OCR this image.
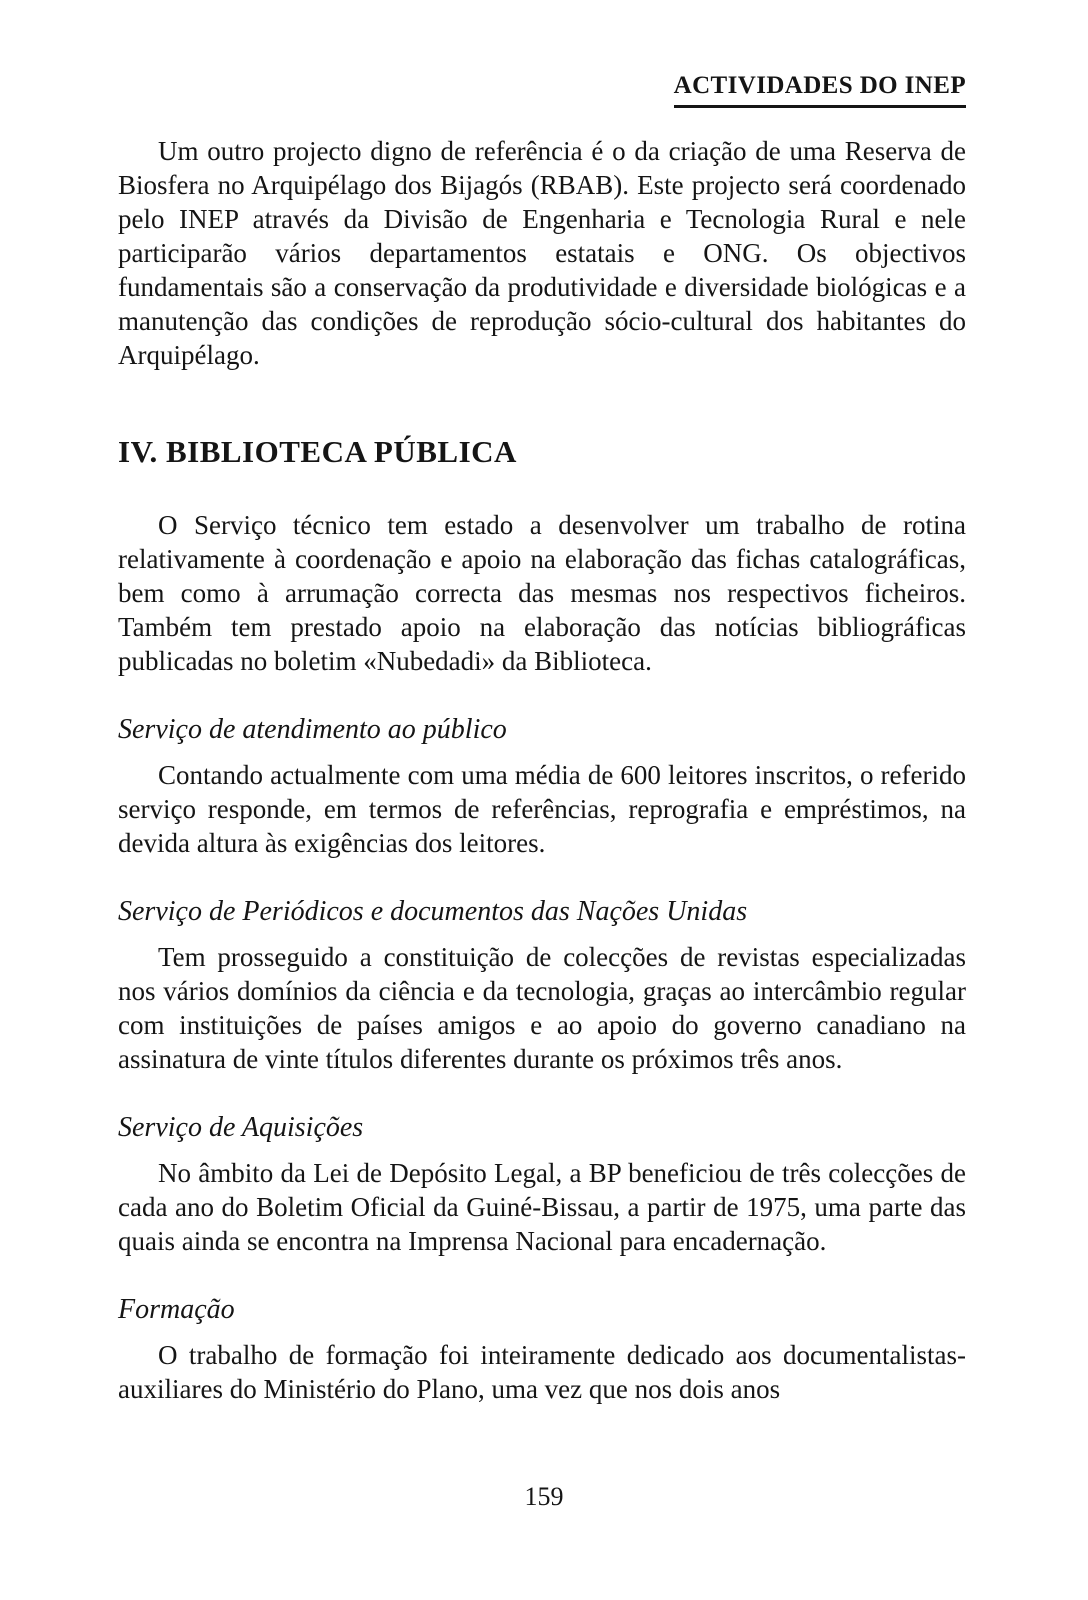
ACTIVIDADES DO INEP

Um outro projecto digno de referência é o da criação de uma Reserva de Biosfera no Arquipélago dos Bijagós (RBAB). Este projecto será coordenado pelo INEP através da Divisão de Engenharia e Tecnologia Rural e nele participarão vários departamentos estatais e ONG. Os objectivos fundamentais são a conservação da produtividade e diversidade biológicas e a manutenção das condições de reprodução sócio-cultural dos habitantes do Arquipélago.

IV. BIBLIOTECA PÚBLICA

O Serviço técnico tem estado a desenvolver um trabalho de rotina relativamente à coordenação e apoio na elaboração das fichas catalográficas, bem como à arrumação correcta das mesmas nos respectivos ficheiros. Também tem prestado apoio na elaboração das notícias bibliográficas publicadas no boletim «Nubedadi» da Biblioteca.

Serviço de atendimento ao público

Contando actualmente com uma média de 600 leitores inscritos, o referido serviço responde, em termos de referências, reprografia e empréstimos, na devida altura às exigências dos leitores.

Serviço de Periódicos e documentos das Nações Unidas

Tem prosseguido a constituição de colecções de revistas especializadas nos vários domínios da ciência e da tecnologia, graças ao intercâmbio regular com instituições de países amigos e ao apoio do governo canadiano na assinatura de vinte títulos diferentes durante os próximos três anos.

Serviço de Aquisições

No âmbito da Lei de Depósito Legal, a BP beneficiou de três colecções de cada ano do Boletim Oficial da Guiné-Bissau, a partir de 1975, uma parte das quais ainda se encontra na Imprensa Nacional para encadernação.

Formação

O trabalho de formação foi inteiramente dedicado aos documentalistas-auxiliares do Ministério do Plano, uma vez que nos dois anos

159
